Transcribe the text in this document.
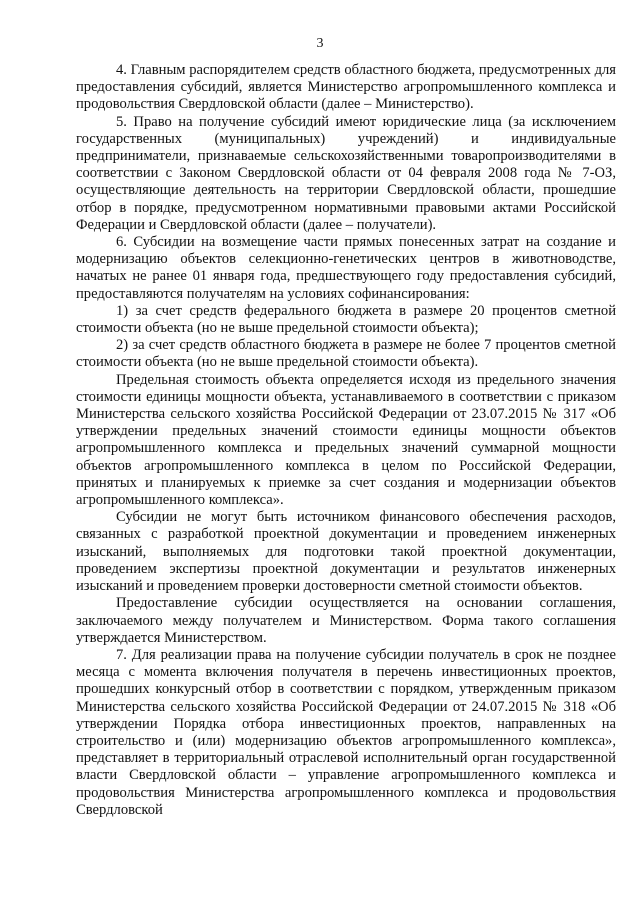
3

4. Главным распорядителем средств областного бюджета, предусмотренных для предоставления субсидий, является Министерство агропромышленного комплекса и продовольствия Свердловской области (далее – Министерство).

5. Право на получение субсидий имеют юридические лица (за исключением государственных (муниципальных) учреждений) и индивидуальные предприниматели, признаваемые сельскохозяйственными товаропроизводителями в соответствии с Законом Свердловской области от 04 февраля 2008 года № 7-ОЗ, осуществляющие деятельность на территории Свердловской области, прошедшие отбор в порядке, предусмотренном нормативными правовыми актами Российской Федерации и Свердловской области (далее – получатели).

6. Субсидии на возмещение части прямых понесенных затрат на создание и модернизацию объектов селекционно-генетических центров в животноводстве, начатых не ранее 01 января года, предшествующего году предоставления субсидий, предоставляются получателям на условиях софинансирования:

1) за счет средств федерального бюджета в размере 20 процентов сметной стоимости объекта (но не выше предельной стоимости объекта);

2) за счет средств областного бюджета в размере не более 7 процентов сметной стоимости объекта (но не выше предельной стоимости объекта).

Предельная стоимость объекта определяется исходя из предельного значения стоимости единицы мощности объекта, устанавливаемого в соответствии с приказом Министерства сельского хозяйства Российской Федерации от 23.07.2015 № 317 «Об утверждении предельных значений стоимости единицы мощности объектов агропромышленного комплекса и предельных значений суммарной мощности объектов агропромышленного комплекса в целом по Российской Федерации, принятых и планируемых к приемке за счет создания и модернизации объектов агропромышленного комплекса».

Субсидии не могут быть источником финансового обеспечения расходов, связанных с разработкой проектной документации и проведением инженерных изысканий, выполняемых для подготовки такой проектной документации, проведением экспертизы проектной документации и результатов инженерных изысканий и проведением проверки достоверности сметной стоимости объектов.

Предоставление субсидии осуществляется на основании соглашения, заключаемого между получателем и Министерством. Форма такого соглашения утверждается Министерством.

7. Для реализации права на получение субсидии получатель в срок не позднее месяца с момента включения получателя в перечень инвестиционных проектов, прошедших конкурсный отбор в соответствии с порядком, утвержденным приказом Министерства сельского хозяйства Российской Федерации от 24.07.2015 № 318 «Об утверждении Порядка отбора инвестиционных проектов, направленных на строительство и (или) модернизацию объектов агропромышленного комплекса», представляет в территориальный отраслевой исполнительный орган государственной власти Свердловской области – управление агропромышленного комплекса и продовольствия Министерства агропромышленного комплекса и продовольствия Свердловской
